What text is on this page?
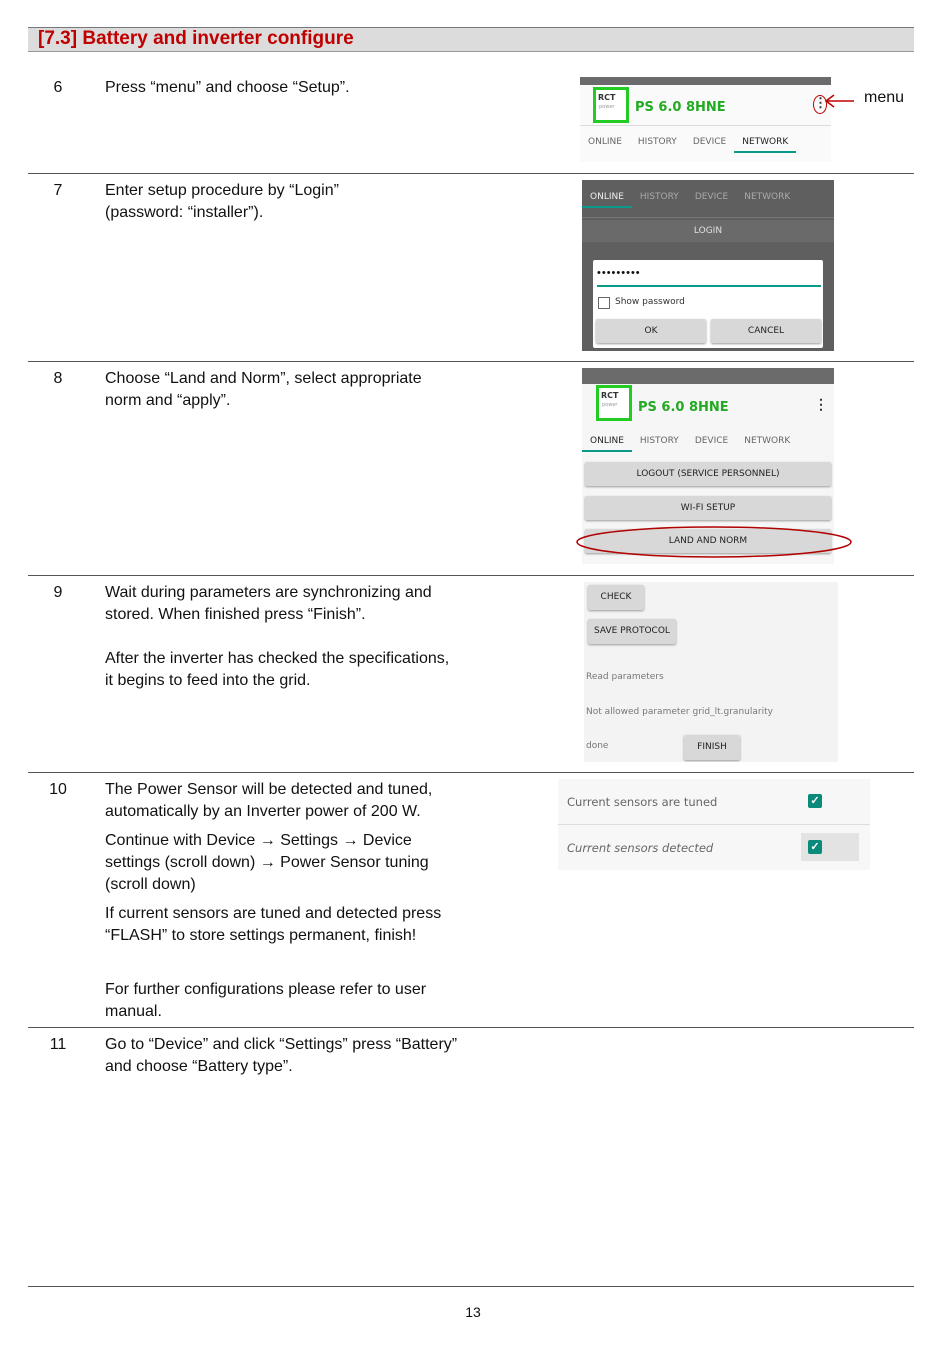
[7.3] Battery and inverter configure
6	Press “menu” and choose “Setup”.

RCT
power PS 6.0 8HNE	⋮
ONLINE	HISTORY	DEVICE	NETWORK
menu
7	Enter setup procedure by “Login”

(password: “installer”).

ONLINE	HISTORY	DEVICE	NETWORK
LOGIN
•••••••••
Show password
OK	CANCEL
8	Choose “Land and Norm”, select appropriate

norm and “apply”.	RCT
power PS 6.0 8HNE	⋮
ONLINE	HISTORY	DEVICE	NETWORK
LOGOUT (SERVICE PERSONNEL)
WI-FI SETUP
LAND AND NORM
9	Wait during parameters are synchronizing and

stored. When finished press “Finish”.

After the inverter has checked the specifications,

it begins to feed into the grid.

CHECK
SAVE PROTOCOL

Read parameters

Not allowed parameter grid_lt.granularity

done

	FINISH
10	The Power Sensor will be detected and tuned,

automatically by an Inverter power of 200 W.

Continue with Device → Settings → Device

settings (scroll down) → Power Sensor tuning

(scroll down)

If current sensors are tuned and detected press

“FLASH” to store settings permanent, finish!

For further configurations please refer to user

manual.

Current sensors are tuned	✓
Current sensors detected	✓
11	Go to “Device” and click “Settings” press “Battery”

and choose “Battery type”.

13
